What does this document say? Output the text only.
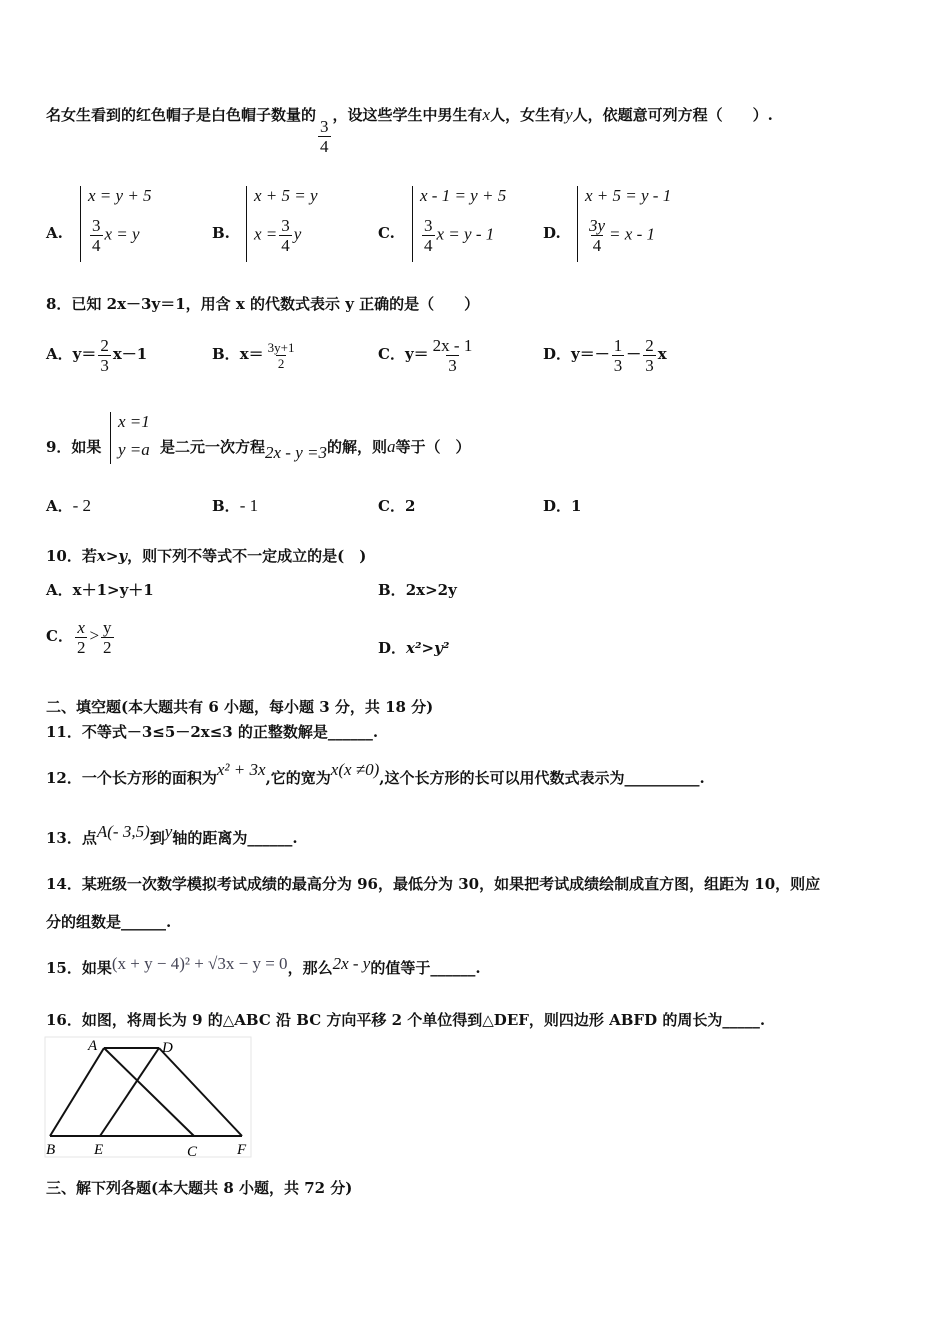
名女生看到的红色帽子是白色帽子数量的
$\frac{3}{4}$
，设这些学生中男生有x人，女生有y人，依题意可列方程（　　）.
A.
x = y + 5
$\frac{3}{4}$ x = y	B.
x + 5 = y
$x = \frac{3}{4}$ y	C.
x - 1 = y + 5
$\frac{3}{4}$ x = y - 1	D.
x + 5 = y - 1
$\frac{3y}{4} = x - 1$
8．已知 2x－3y＝1，用含 x 的代数式表示 y 正确的是（　　）
A．$y= \frac{2}{3} x-1$	B．$x= \frac{3y+1}{2}$	C．$y= \frac{2x - 1}{3}$	D．$y=- \frac{1}{3} - \frac{2}{3}$ x
9．如果
x =1
y =a 是二元一次方程2x - y =3的解，则a等于（　）
A．- 2	B．- 1	C．2	D．1
10．若x>y，则下列不等式不一定成立的是(　)
A．x＋1>y＋1	B．2x>2y
C． $\frac{x}{2} > \frac{y}{2}$	D．x²>y²
二、填空题(本大题共有 6 小题，每小题 3 分，共 18 分)
11．不等式－3≤5－2x≤3 的正整数解是______.
12．一个长方形的面积为x² + 3x,它的宽为x(x ≠0),这个长方形的长可以用代数式表示为__________.
13．点A(- 3,5)到y轴的距离为______.
14．某班级一次数学模拟考试成绩的最高分为 96，最低分为 30，如果把考试成绩绘制成直方图，组距为 10，则应
分的组数是______.
15．如果(x + y − 4)² + √3x − y = 0，那么2x - y的值等于______.
16．如图，将周长为 9 的△ABC 沿 BC 方向平移 2 个单位得到△DEF，则四边形 ABFD 的周长为_____.
A	D
B	E	C	F
三、解下列各题(本大题共 8 小题，共 72 分)
